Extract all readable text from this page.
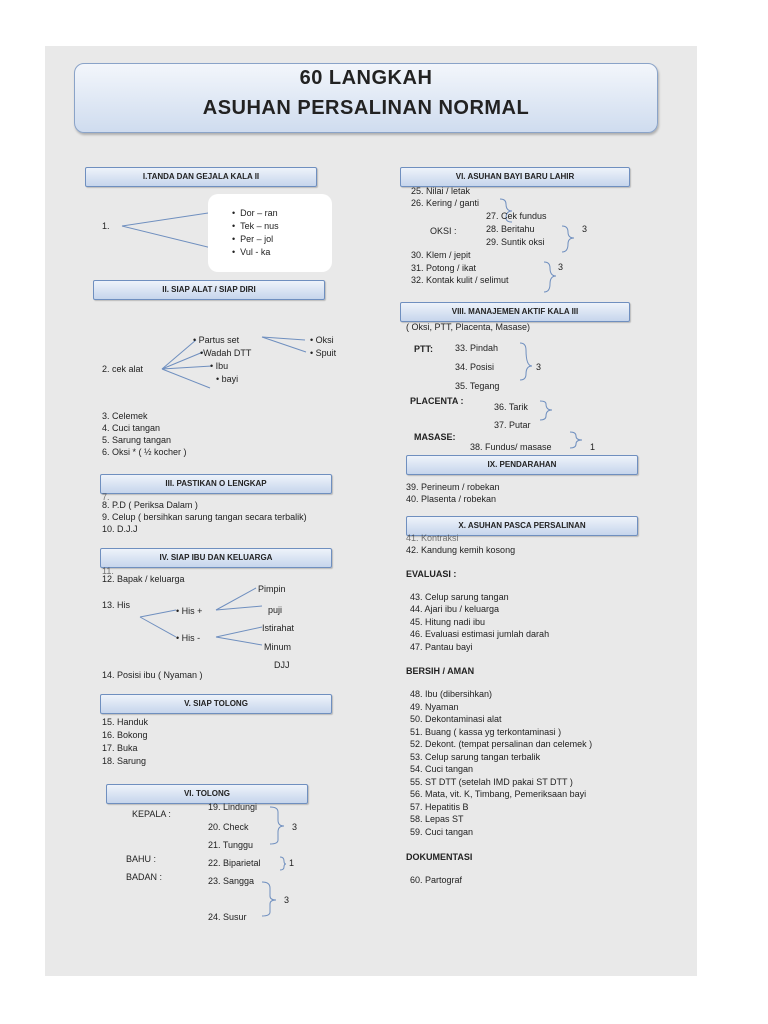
60 LANGKAH
ASUHAN PERSALINAN NORMAL
I.TANDA DAN GEJALA KALA II
II. SIAP ALAT / SIAP DIRI
III. PASTIKAN O LENGKAP
IV. SIAP IBU DAN KELUARGA
V. SIAP TOLONG
VI. TOLONG
VI. ASUHAN BAYI BARU LAHIR
VIII. MANAJEMEN AKTIF KALA III
IX. PENDARAHAN
X. ASUHAN PASCA PERSALINAN
1.
•  Dor – ran
•  Tek – nus
•  Per – jol
•  Vul - ka
2. cek alat
• Partus set
•Wadah DTT
• Ibu
• bayi
• Oksi
• Spuit
3. Celemek
4. Cuci tangan
5. Sarung tangan
6. Oksi * ( ½ kocher )
7.
8. P.D ( Periksa Dalam )
9. Celup ( bersihkan sarung tangan secara terbalik)
10. D.J.J
11.
12. Bapak / keluarga
13. His
• His +
• His -
Pimpin
puji
Istirahat
Minum
DJJ
14. Posisi ibu ( Nyaman )
15. Handuk
16. Bokong
17. Buka
18. Sarung
KEPALA :
BAHU :
BADAN :
19. Lindungi
20. Check
21. Tunggu
22. Biparietal
23. Sangga
24. Susur
3
1
3
25. Nilai / letak
26. Kering / ganti
OKSI :
27. Cek fundus
28. Beritahu
29. Suntik oksi
3
30. Klem / jepit
31. Potong / ikat
32. Kontak kulit / selimut
3
( Oksi, PTT, Placenta, Masase)
PTT: 33. Pindah
34. Posisi
35. Tegang
3
PLACENTA :
36. Tarik
37. Putar
MASASE:
38. Fundus/ masase	1
39. Perineum / robekan
40. Plasenta / robekan
41. Kontraksi
42. Kandung kemih kosong
EVALUASI :
43. Celup sarung tangan
44. Ajari ibu / keluarga
45. Hitung nadi ibu
46. Evaluasi estimasi jumlah darah
47. Pantau bayi
BERSIH / AMAN
48. Ibu (dibersihkan)
49. Nyaman
50. Dekontaminasi alat
51. Buang ( kassa yg terkontaminasi )
52. Dekont. (tempat persalinan dan celemek )
53. Celup sarung tangan terbalik
54. Cuci tangan
55. ST DTT (setelah IMD pakai ST DTT )
56. Mata, vit. K, Timbang, Pemeriksaan bayi
57. Hepatitis B
58. Lepas ST
59. Cuci tangan
DOKUMENTASI
60. Partograf
